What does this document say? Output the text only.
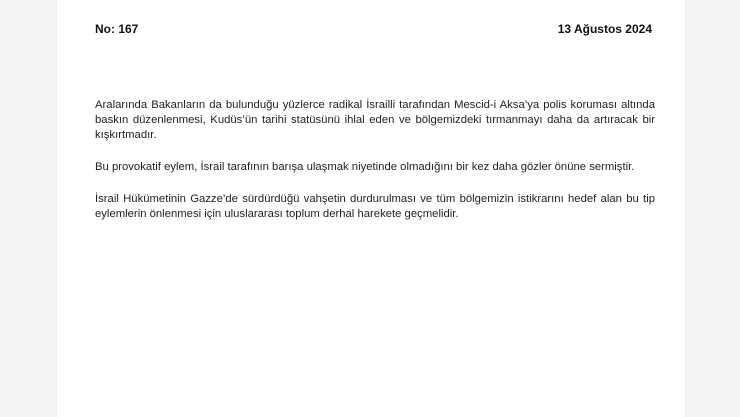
No: 167	13 Ağustos 2024

Aralarında Bakanların da bulunduğu yüzlerce radikal İsrailli tarafından Mescid-i Aksa’ya polis koruması altında baskın düzenlenmesi, Kudüs’ün tarihi statüsünü ihlal eden ve bölgemizdeki tırmanmayı daha da artıracak bir kışkırtmadır.

Bu provokatif eylem, İsrail tarafının barışa ulaşmak niyetinde olmadığını bir kez daha gözler önüne sermiştir.

İsrail Hükümetinin Gazze’de sürdürdüğü vahşetin durdurulması ve tüm bölgemizin istikrarını hedef alan bu tip eylemlerin önlenmesi için uluslararası toplum derhal harekete geçmelidir.
